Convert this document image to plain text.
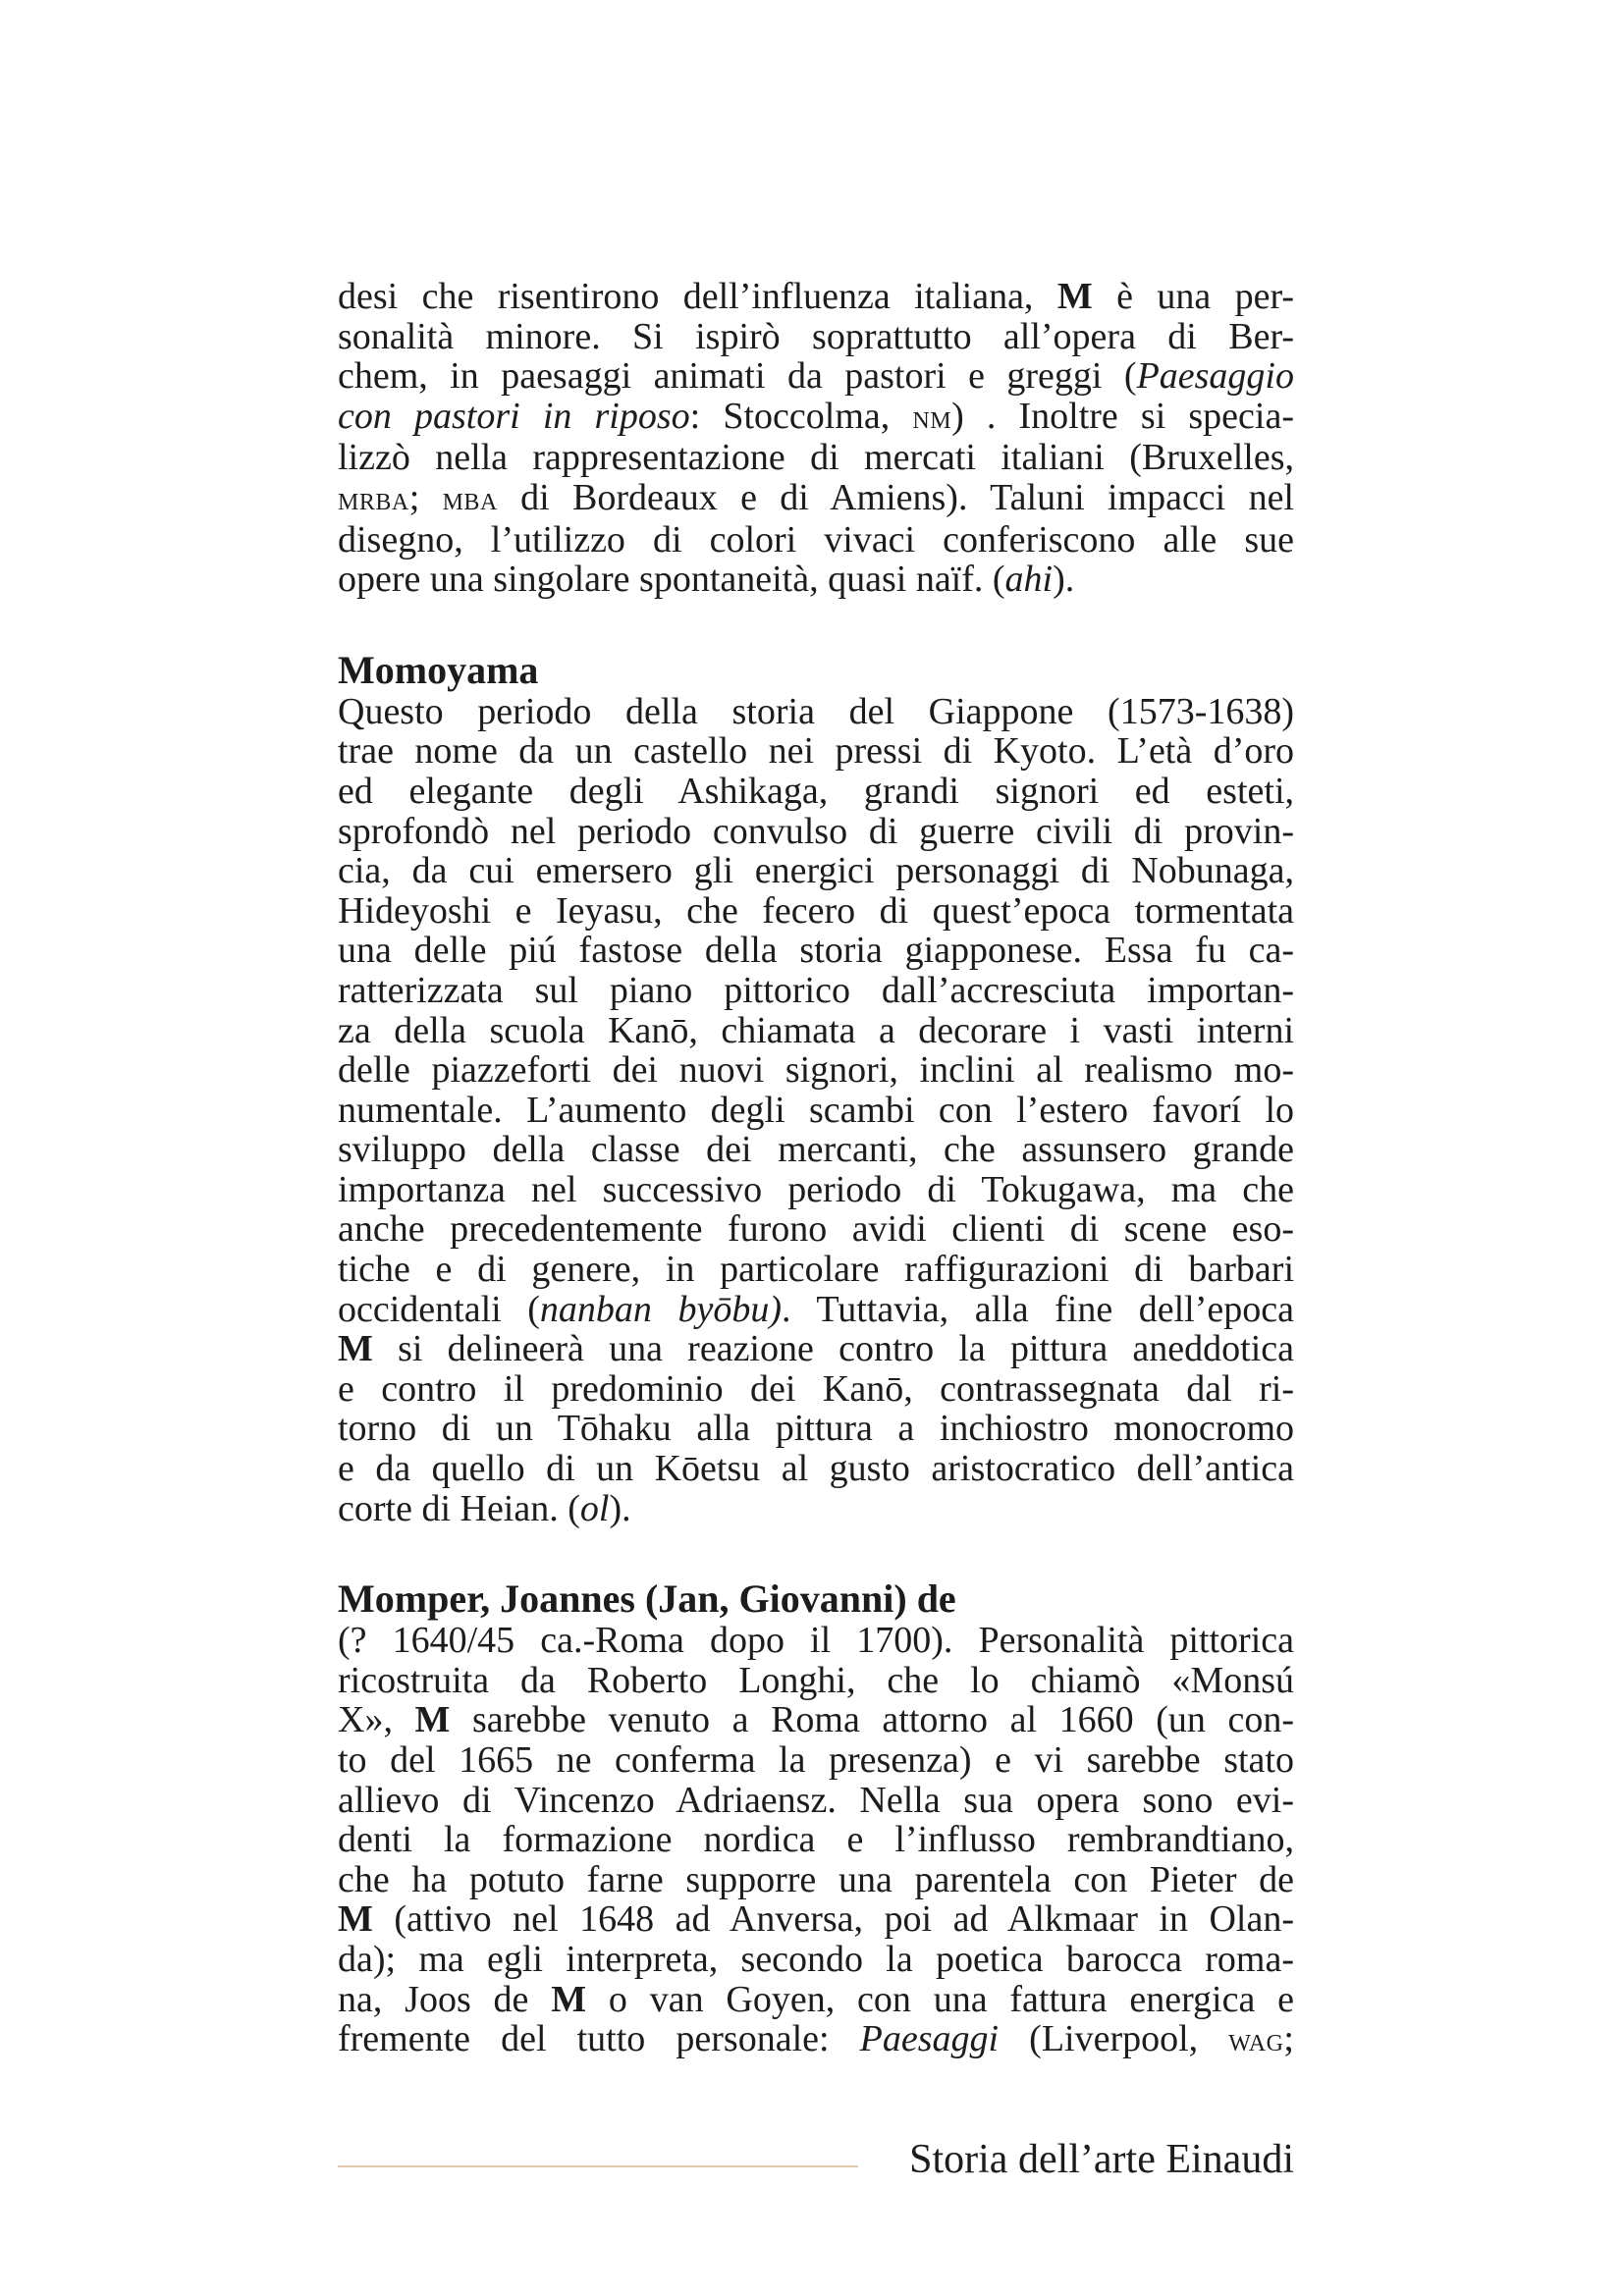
desi che risentirono dell’influenza italiana, M è una per-
sonalità minore. Si ispirò soprattutto all’opera di Ber-
chem, in paesaggi animati da pastori e greggi (Paesaggio
con pastori in riposo: Stoccolma, nm) . Inoltre si specia-
lizzò nella rappresentazione di mercati italiani (Bruxelles,
mrba; mba di Bordeaux e di Amiens). Taluni impacci nel
disegno, l’utilizzo di colori vivaci conferiscono alle sue
opere una singolare spontaneità, quasi naïf. (ahi).
Momoyama
Questo periodo della storia del Giappone (1573-1638)
trae nome da un castello nei pressi di Kyoto. L’età d’oro
ed elegante degli Ashikaga, grandi signori ed esteti,
sprofondò nel periodo convulso di guerre civili di provin-
cia, da cui emersero gli energici personaggi di Nobunaga,
Hideyoshi e Ieyasu, che fecero di quest’epoca tormentata
una delle piú fastose della storia giapponese. Essa fu ca-
ratterizzata sul piano pittorico dall’accresciuta importan-
za della scuola Kanō, chiamata a decorare i vasti interni
delle piazzeforti dei nuovi signori, inclini al realismo mo-
numentale. L’aumento degli scambi con l’estero favorí lo
sviluppo della classe dei mercanti, che assunsero grande
importanza nel successivo periodo di Tokugawa, ma che
anche precedentemente furono avidi clienti di scene eso-
tiche e di genere, in particolare raffigurazioni di barbari
occidentali (nanban byōbu). Tuttavia, alla fine dell’epoca
M si delineerà una reazione contro la pittura aneddotica
e contro il predominio dei Kanō, contrassegnata dal ri-
torno di un Tōhaku alla pittura a inchiostro monocromo
e da quello di un Kōetsu al gusto aristocratico dell’antica
corte di Heian. (ol).
Momper, Joannes (Jan, Giovanni) de
(? 1640/45 ca.-Roma dopo il 1700). Personalità pittorica
ricostruita da Roberto Longhi, che lo chiamò «Monsú
X», M sarebbe venuto a Roma attorno al 1660 (un con-
to del 1665 ne conferma la presenza) e vi sarebbe stato
allievo di Vincenzo Adriaensz. Nella sua opera sono evi-
denti la formazione nordica e l’influsso rembrandtiano,
che ha potuto farne supporre una parentela con Pieter de
M (attivo nel 1648 ad Anversa, poi ad Alkmaar in Olan-
da); ma egli interpreta, secondo la poetica barocca roma-
na, Joos de M o van Goyen, con una fattura energica e
fremente del tutto personale: Paesaggi (Liverpool, wag;
Storia dell’arte Einaudi
